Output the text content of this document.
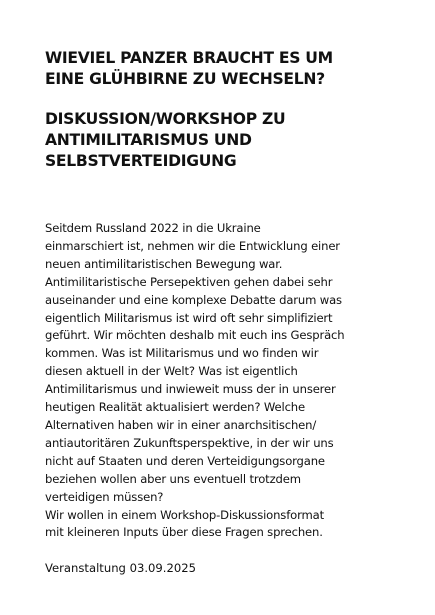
WIEVIEL PANZER BRAUCHT ES UM
EINE GLÜHBIRNE ZU WECHSELN?
DISKUSSION/WORKSHOP ZU
ANTIMILITARISMUS UND
SELBSTVERTEIDIGUNG
Seitdem Russland 2022 in die Ukraine
einmarschiert ist, nehmen wir die Entwicklung einer
neuen antimilitaristischen Bewegung war.
Antimilitaristische Persepektiven gehen dabei sehr
auseinander und eine komplexe Debatte darum was
eigentlich Militarismus ist wird oft sehr simplifiziert
geführt. Wir möchten deshalb mit euch ins Gespräch
kommen. Was ist Militarismus und wo finden wir
diesen aktuell in der Welt? Was ist eigentlich
Antimilitarismus und inwieweit muss der in unserer
heutigen Realität aktualisiert werden? Welche
Alternativen haben wir in einer anarchsitischen/
antiautoritären Zukunftsperspektive, in der wir uns
nicht auf Staaten und deren Verteidigungsorgane
beziehen wollen aber uns eventuell trotzdem
verteidigen müssen?
Wir wollen in einem Workshop-Diskussionsformat
mit kleineren Inputs über diese Fragen sprechen.

Veranstaltung 03.09.2025
